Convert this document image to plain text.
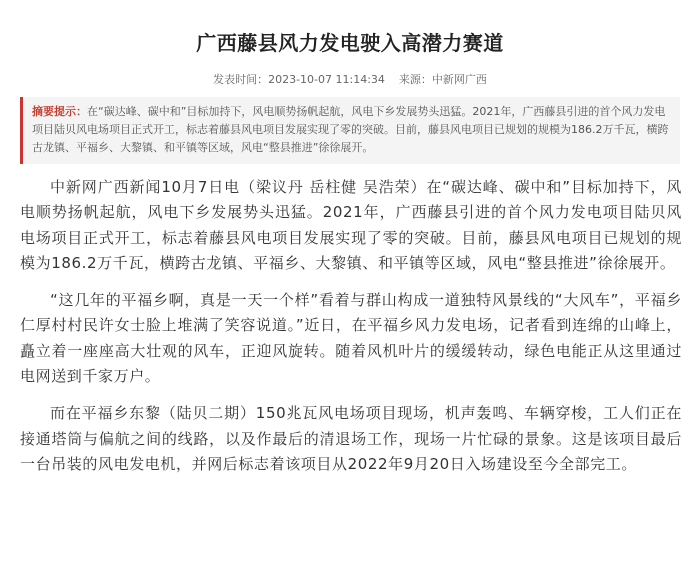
广西藤县风力发电驶入高潜力赛道
发表时间：2023-10-07 11:14:34 来源：中新网广西
摘要提示：在“碳达峰、碳中和”目标加持下，风电顺势扬帆起航，风电下乡发展势头迅猛。2021年，广西藤县引进的首个风力发电项目陆贝风电场项目正式开工，标志着藤县风电项目发展实现了零的突破。目前，藤县风电项目已规划的规模为186.2万千瓦，横跨古龙镇、平福乡、大黎镇、和平镇等区域，风电“整县推进”徐徐展开。

中新网广西新闻10月7日电（梁议丹 岳柱健 吴浩荣）在“碳达峰、碳中和”目标加持下，风电顺势扬帆起航，风电下乡发展势头迅猛。2021年，广西藤县引进的首个风力发电项目陆贝风电场项目正式开工，标志着藤县风电项目发展实现了零的突破。目前，藤县风电项目已规划的规模为186.2万千瓦，横跨古龙镇、平福乡、大黎镇、和平镇等区域，风电“整县推进”徐徐展开。

“这几年的平福乡啊，真是一天一个样”看着与群山构成一道独特风景线的“大风车”，平福乡仁厚村村民许女士脸上堆满了笑容说道。”近日，在平福乡风力发电场，记者看到连绵的山峰上，矗立着一座座高大壮观的风车，正迎风旋转。随着风机叶片的缓缓转动，绿色电能正从这里通过电网送到千家万户。

而在平福乡东黎（陆贝二期）150兆瓦风电场项目现场，机声轰鸣、车辆穿梭，工人们正在接通塔筒与偏航之间的线路，以及作最后的清退场工作，现场一片忙碌的景象。这是该项目最后一台吊装的风电发电机，并网后标志着该项目从2022年9月20日入场建设至今全部完工。
